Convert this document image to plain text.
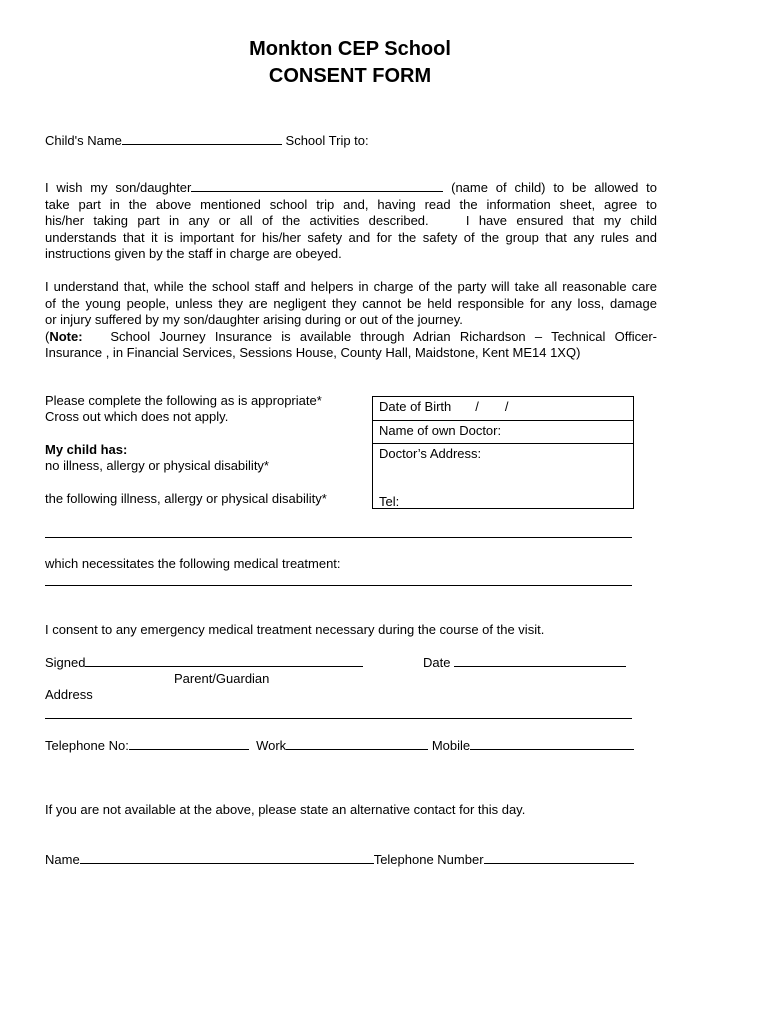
Monkton CEP School
CONSENT FORM
Child's Name	School Trip to:
I wish my son/daughter	(name of child) to be allowed to
take part in the above mentioned school trip and, having read the information sheet, agree to
his/her taking part in any or all of the activities described.    I have ensured that my child
understands that it is important for his/her safety and for the safety of the group that any rules and
instructions given by the staff in charge are obeyed.
I understand that, while the school staff and helpers in charge of the party will take all reasonable care
of the young people, unless they are negligent they cannot be held responsible for any loss, damage
or injury suffered by my son/daughter arising during or out of the journey.
(Note: School Journey Insurance is available through Adrian Richardson – Technical Officer-
Insurance , in Financial Services, Sessions House, County Hall, Maidstone, Kent ME14 1XQ)
Please complete the following as is appropriate*
Cross out which does not apply.
Date of Birth / /
Name of own Doctor:
Doctor’s Address:
Tel:
My child has:
no illness, allergy or physical disability*
the following illness, allergy or physical disability*
which necessitates the following medical treatment:
I consent to any emergency medical treatment necessary during the course of the visit.
Signed	Date
Parent/Guardian
Address
Telephone No:	Work	Mobile
If you are not available at the above, please state an alternative contact for this day.
Name	Telephone Number
